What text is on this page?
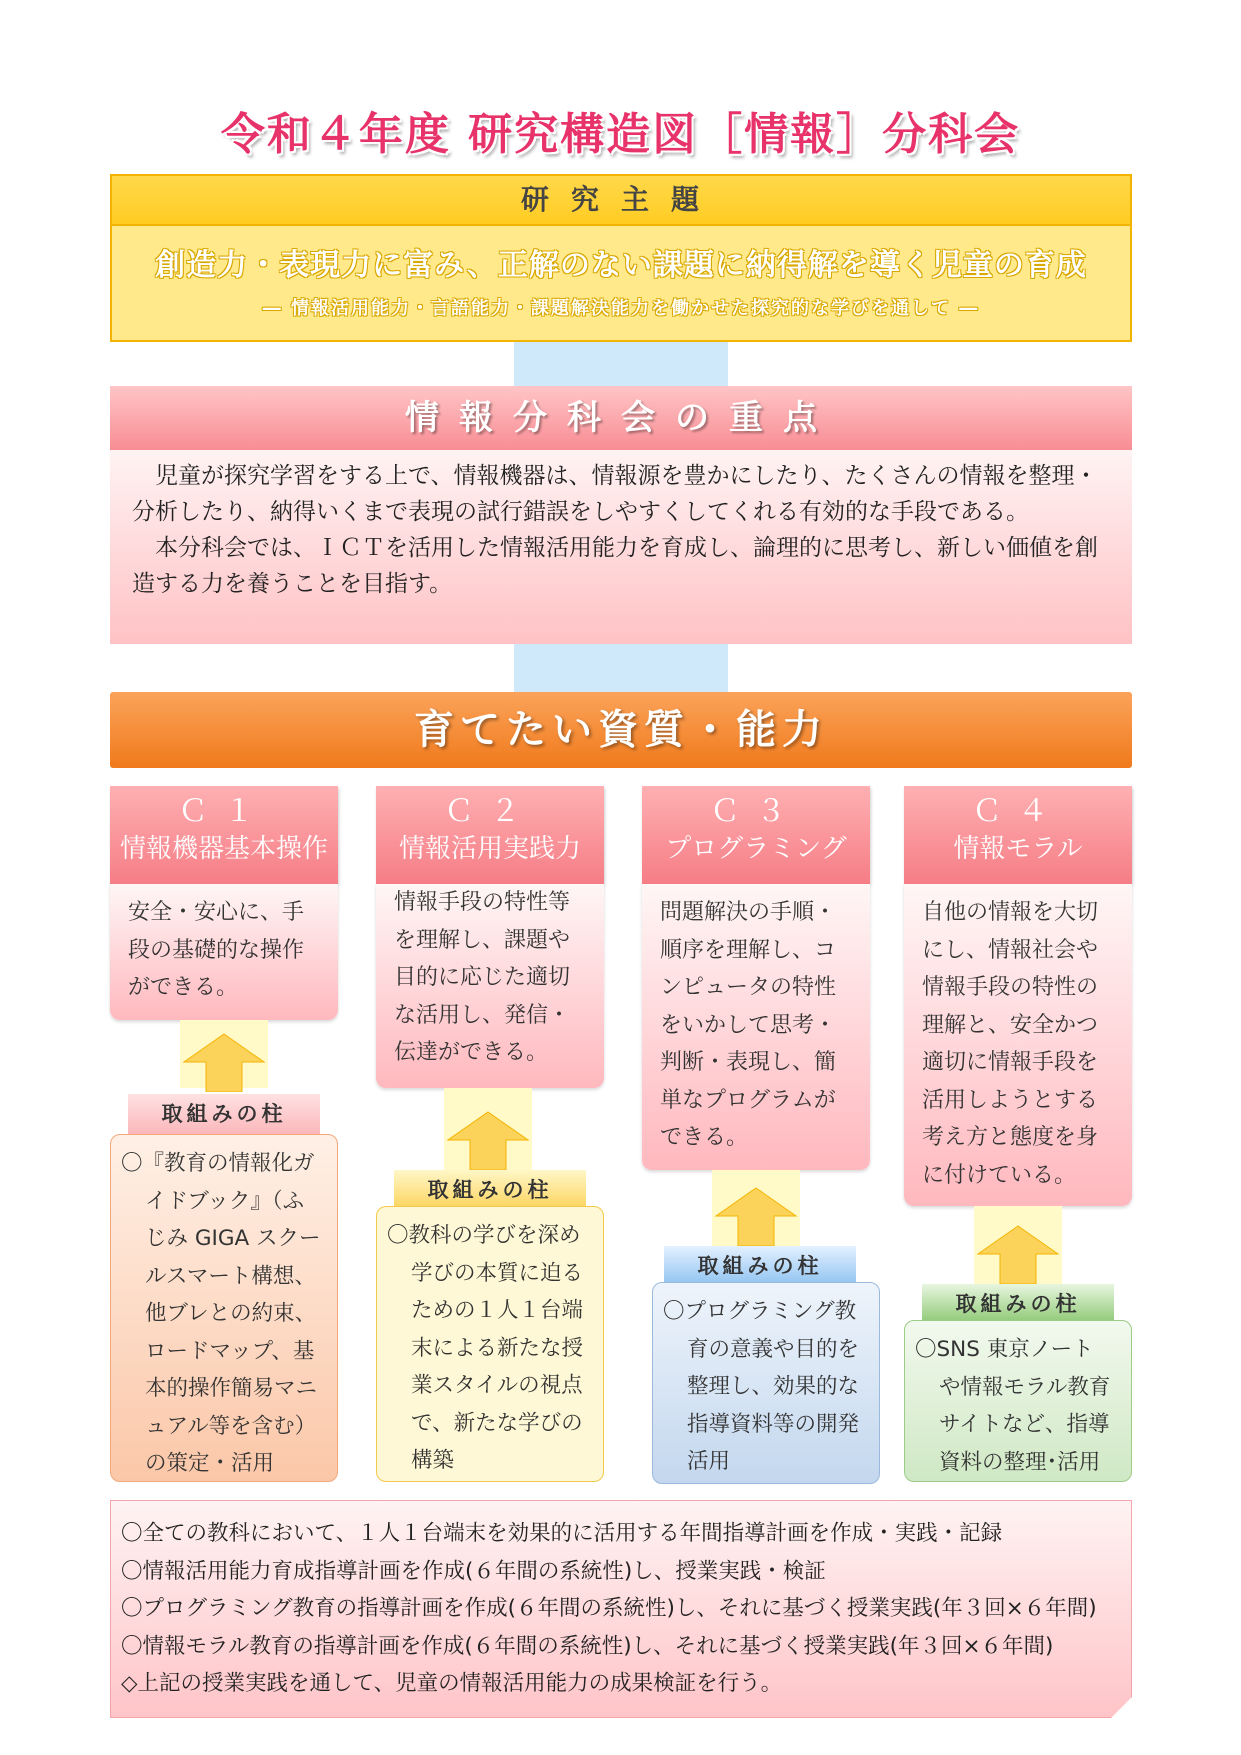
令和４年度 研究構造図［情報］分科会
研究主題
創造力・表現力に富み、正解のない課題に納得解を導く児童の育成
― 情報活用能力・言語能力・課題解決能力を働かせた探究的な学びを通して ―
情報分科会の重点

児童が探究学習をする上で、情報機器は、情報源を豊かにしたり、たくさんの情報を整理・分析したり、納得いくまで表現の試行錯誤をしやすくしてくれる有効的な手段である。

本分科会では、ＩＣＴを活用した情報活用能力を育成し、論理的に思考し、新しい価値を創造する力を養うことを目指す。

育てたい資質・能力
Ｃ１
情報機器基本操作
安全・安心に、手
段の基礎的な操作
ができる。
取組みの柱
〇『教育の情報化ガ
イドブック』（ふ
じみ GIGA スクー
ルスマート構想、
他ブレとの約束、
ロードマップ、基
本的操作簡易マニ
ュアル等を含む）
の策定・活用
Ｃ２
情報活用実践力
情報手段の特性等
を理解し、課題や
目的に応じた適切
な活用し、発信・
伝達ができる。
取組みの柱
〇教科の学びを深め
学びの本質に迫る
ための１人１台端
末による新たな授
業スタイルの視点
で、新たな学びの
構築
Ｃ３
プログラミング
問題解決の手順・
順序を理解し、コ
ンピュータの特性
をいかして思考・
判断・表現し、簡
単なプログラムが
できる。
取組みの柱
〇プログラミング教
育の意義や目的を
整理し、効果的な
指導資料等の開発
活用
Ｃ４
情報モラル
自他の情報を大切
にし、情報社会や
情報手段の特性の
理解と、安全かつ
適切に情報手段を
活用しようとする
考え方と態度を身
に付けている。
取組みの柱
〇SNS 東京ノート
や情報モラル教育
サイトなど、指導
資料の整理･活用
〇全ての教科において、１人１台端末を効果的に活用する年間指導計画を作成・実践・記録
〇情報活用能力育成指導計画を作成(６年間の系統性)し、授業実践・検証
〇プログラミング教育の指導計画を作成(６年間の系統性)し、それに基づく授業実践(年３回×６年間)
〇情報モラル教育の指導計画を作成(６年間の系統性)し、それに基づく授業実践(年３回×６年間)
◇上記の授業実践を通して、児童の情報活用能力の成果検証を行う。
